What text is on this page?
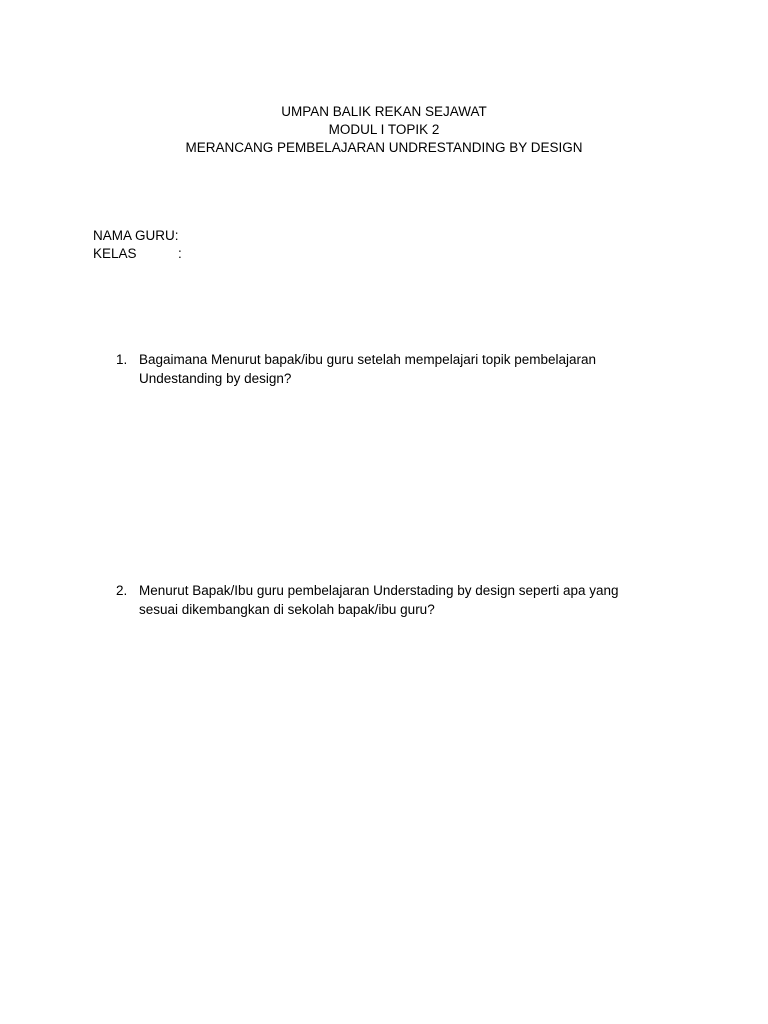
UMPAN BALIK REKAN SEJAWAT
MODUL I TOPIK 2
MERANCANG PEMBELAJARAN UNDRESTANDING BY DESIGN
NAMA GURU:
KELAS	:
1. Bagaimana Menurut bapak/ibu guru setelah mempelajari topik pembelajaran
Undestanding by design?
2. Menurut Bapak/Ibu guru pembelajaran Understading by design seperti apa yang
sesuai dikembangkan di sekolah bapak/ibu guru?
